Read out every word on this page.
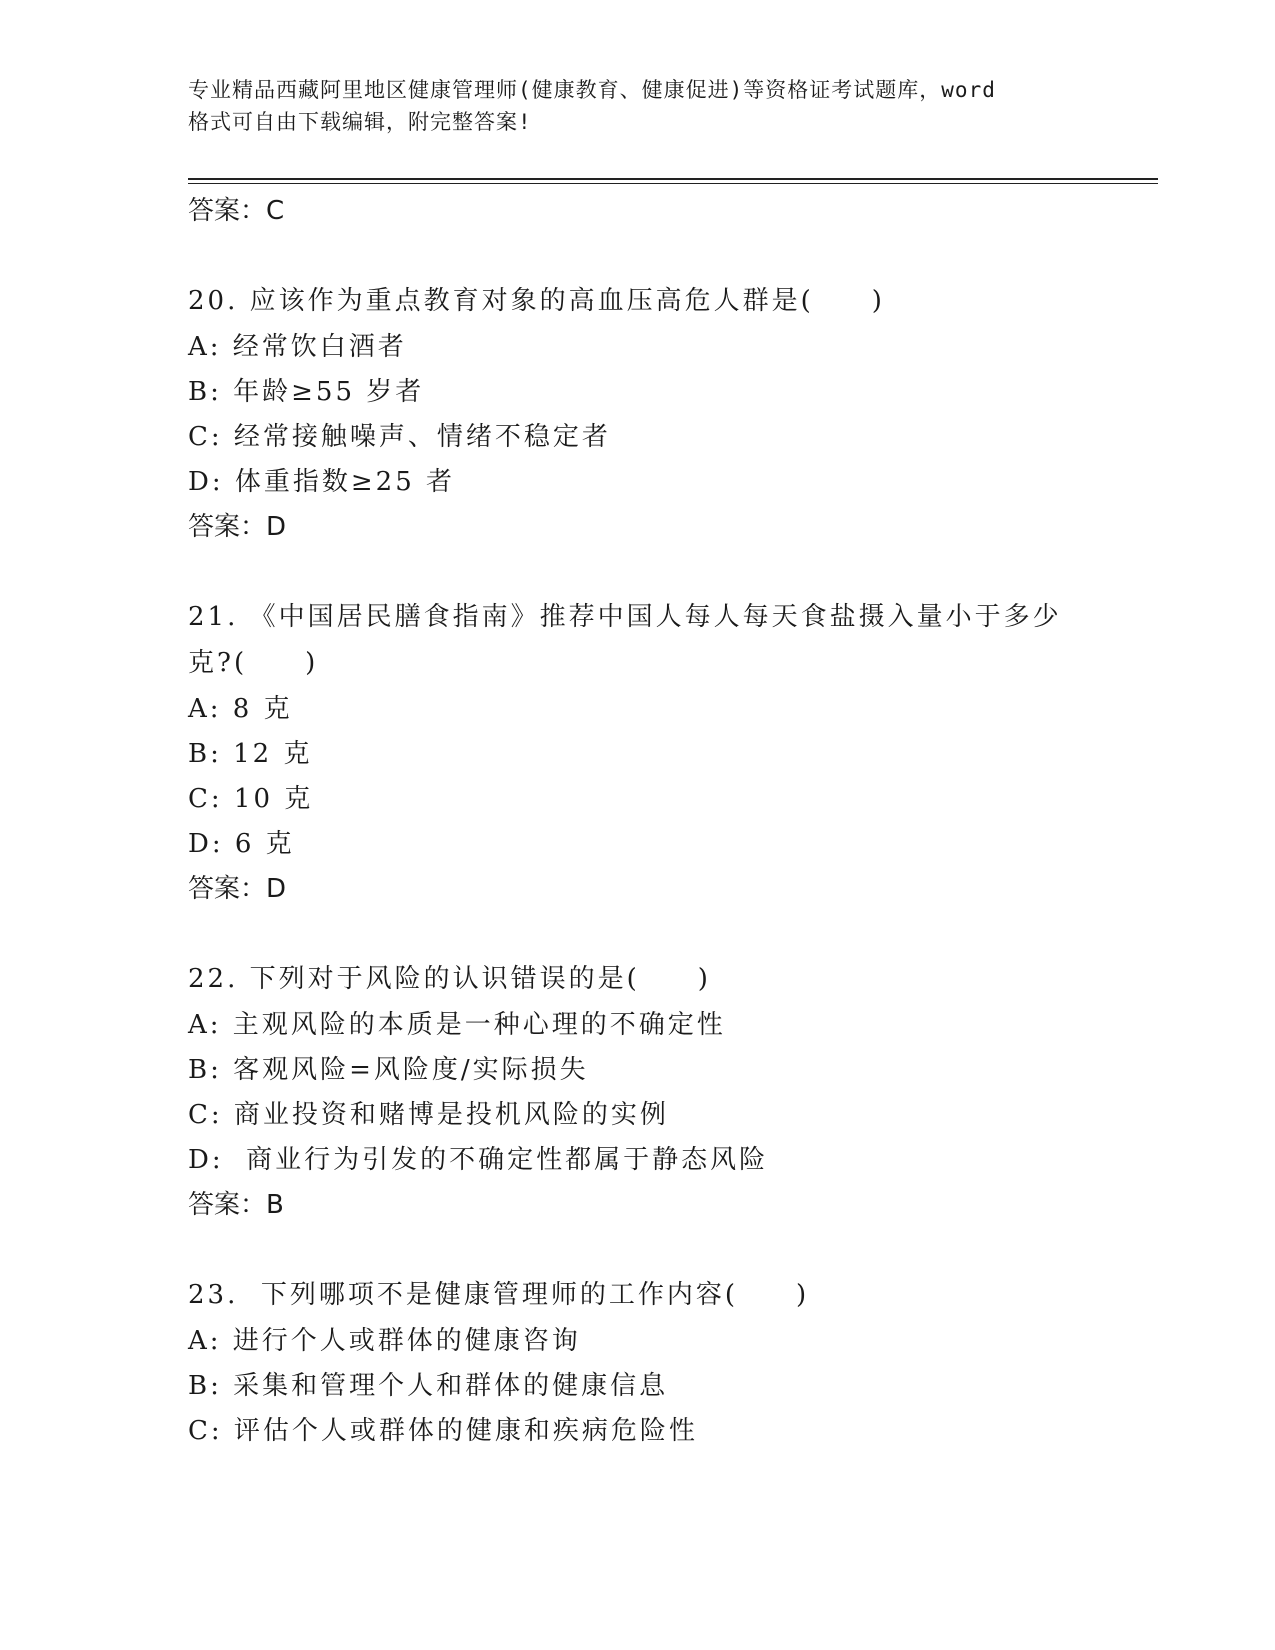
专业精品西藏阿里地区健康管理师(健康教育、健康促进)等资格证考试题库，word
格式可自由下载编辑，附完整答案!
答案：C
20. 应该作为重点教育对象的高血压高危人群是(　　)
A: 经常饮白酒者
B: 年龄≥55 岁者
C: 经常接触噪声、情绪不稳定者
D: 体重指数≥25 者
答案：D
21. 《中国居民膳食指南》推荐中国人每人每天食盐摄入量小于多少克?(　　)
A: 8 克
B: 12 克
C: 10 克
D: 6 克
答案：D
22. 下列对于风险的认识错误的是(　　)
A: 主观风险的本质是一种心理的不确定性
B: 客观风险=风险度/实际损失
C: 商业投资和赌博是投机风险的实例
D:  商业行为引发的不确定性都属于静态风险
答案：B
23.  下列哪项不是健康管理师的工作内容(　　)
A: 进行个人或群体的健康咨询
B: 采集和管理个人和群体的健康信息
C: 评估个人或群体的健康和疾病危险性
